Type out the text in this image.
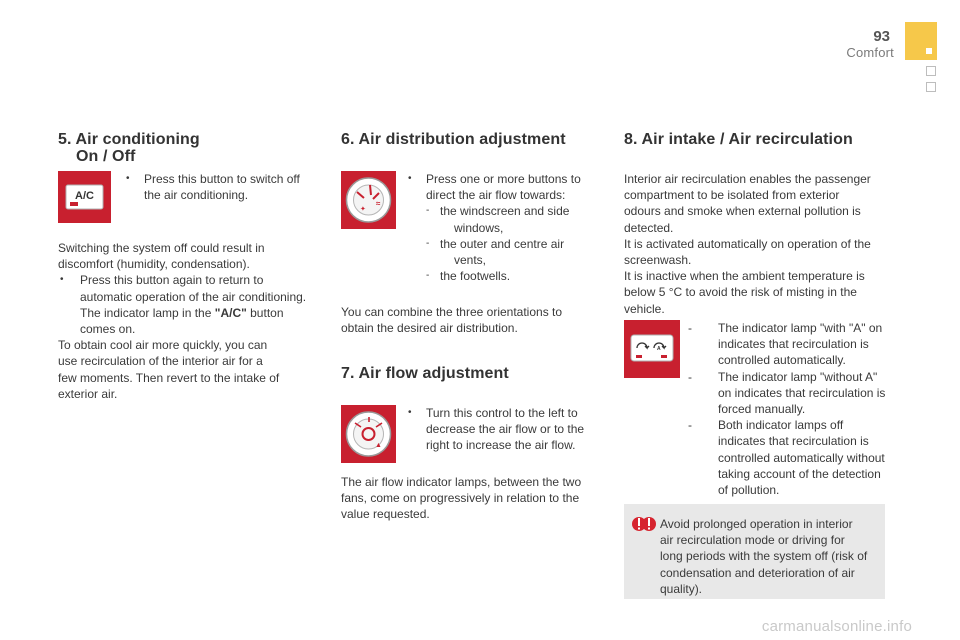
93
Comfort
5. Air conditioning
On / Off
A/C
• Press this button to switch off

the air conditioning.

Switching the system off could result in

discomfort (humidity, condensation).

• Press this button again to return to

automatic operation of the air conditioning.

The indicator lamp in the "A/C" button

comes on.

To obtain cool air more quickly, you can

use recirculation of the interior air for a

few moments. Then revert to the intake of

exterior air.

6. Air distribution adjustment
✦
≈
• Press one or more buttons to

direct the air flow towards:

- the windscreen and side

windows,

- the outer and centre air

vents,

- the footwells.

You can combine the three orientations to

obtain the desired air distribution.

7. Air flow adjustment
▲
• Turn this control to the left to

decrease the air flow or to the

right to increase the air flow.

The air flow indicator lamps, between the two

fans, come on progressively in relation to the

value requested.

8. Air intake / Air recirculation

Interior air recirculation enables the passenger

compartment to be isolated from exterior

odours and smoke when external pollution is

detected.

It is activated automatically on operation of the

screenwash.

It is inactive when the ambient temperature is

below 5 °C to avoid the risk of misting in the

vehicle.

A
- The indicator lamp "with "A" on

indicates that recirculation is

controlled automatically.

- The indicator lamp "without A"

on indicates that recirculation is

forced manually.

- Both indicator lamps off

indicates that recirculation is

controlled automatically without

taking account of the detection

of pollution.

Avoid prolonged operation in interior

air recirculation mode or driving for

long periods with the system off (risk of

condensation and deterioration of air

quality).

carmanualsonline.info
